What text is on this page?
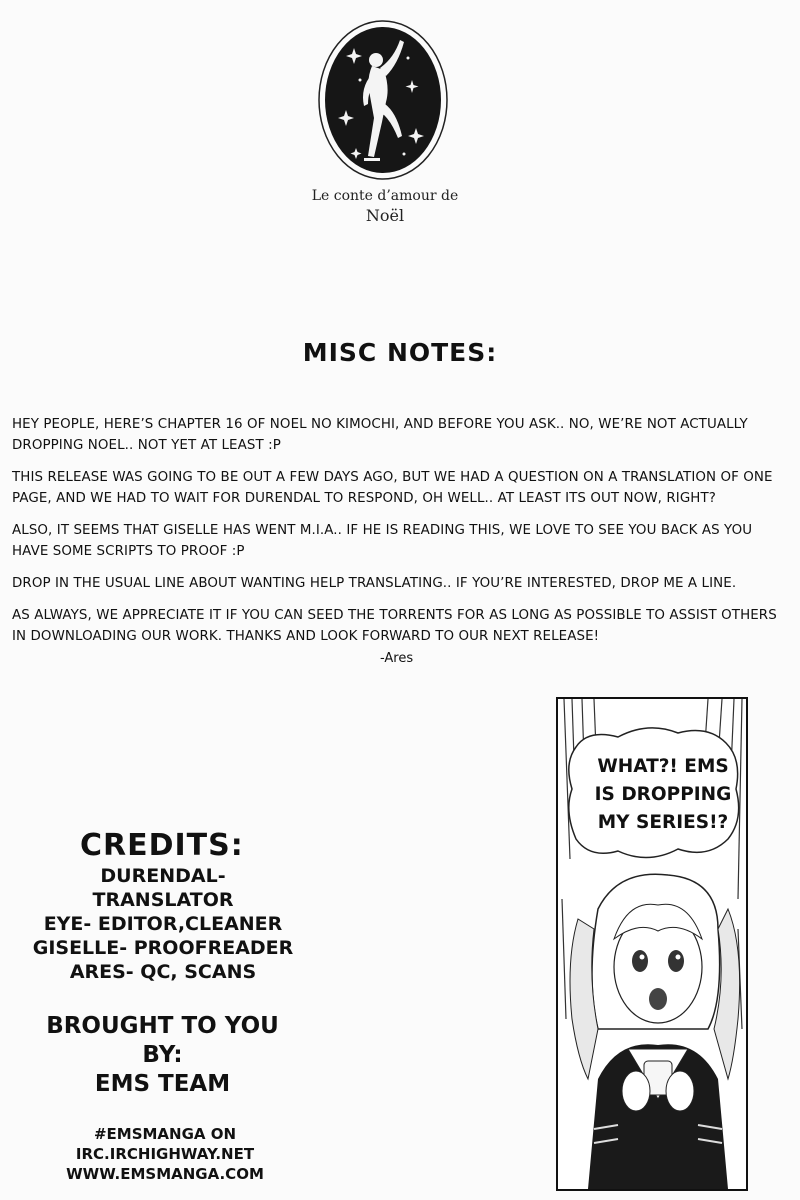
Le conte d’amour de
Noël
MISC NOTES:

HEY PEOPLE, HERE’S CHAPTER 16 OF NOEL NO KIMOCHI, AND BEFORE YOU ASK.. NO, WE’RE NOT ACTUALLY DROPPING NOEL.. NOT YET AT LEAST :P

THIS RELEASE WAS GOING TO BE OUT A FEW DAYS AGO, BUT WE HAD A QUESTION ON A TRANSLATION OF ONE PAGE, AND WE HAD TO WAIT FOR DURENDAL TO RESPOND, OH WELL.. AT LEAST ITS OUT NOW, RIGHT?

ALSO, IT SEEMS THAT GISELLE HAS WENT M.I.A.. IF HE IS READING THIS, WE LOVE TO SEE YOU BACK AS YOU HAVE SOME SCRIPTS TO PROOF :P

DROP IN THE USUAL LINE ABOUT WANTING HELP TRANSLATING.. IF YOU’RE INTERESTED, DROP ME A LINE.

AS ALWAYS, WE APPRECIATE IT IF YOU CAN SEED THE TORRENTS FOR AS LONG AS POSSIBLE TO ASSIST OTHERS IN DOWNLOADING OUR WORK. THANKS AND LOOK FORWARD TO OUR NEXT RELEASE!

-Ares
CREDITS:
DURENDAL- TRANSLATOR
EYE- EDITOR,CLEANER
GISELLE- PROOFREADER
ARES- QC, SCANS
BROUGHT TO YOU
BY:
EMS TEAM
#EMSMANGA ON
IRC.IRCHIGHWAY.NET
WWW.EMSMANGA.COM
WHAT?! EMS
IS DROPPING
MY SERIES!?
